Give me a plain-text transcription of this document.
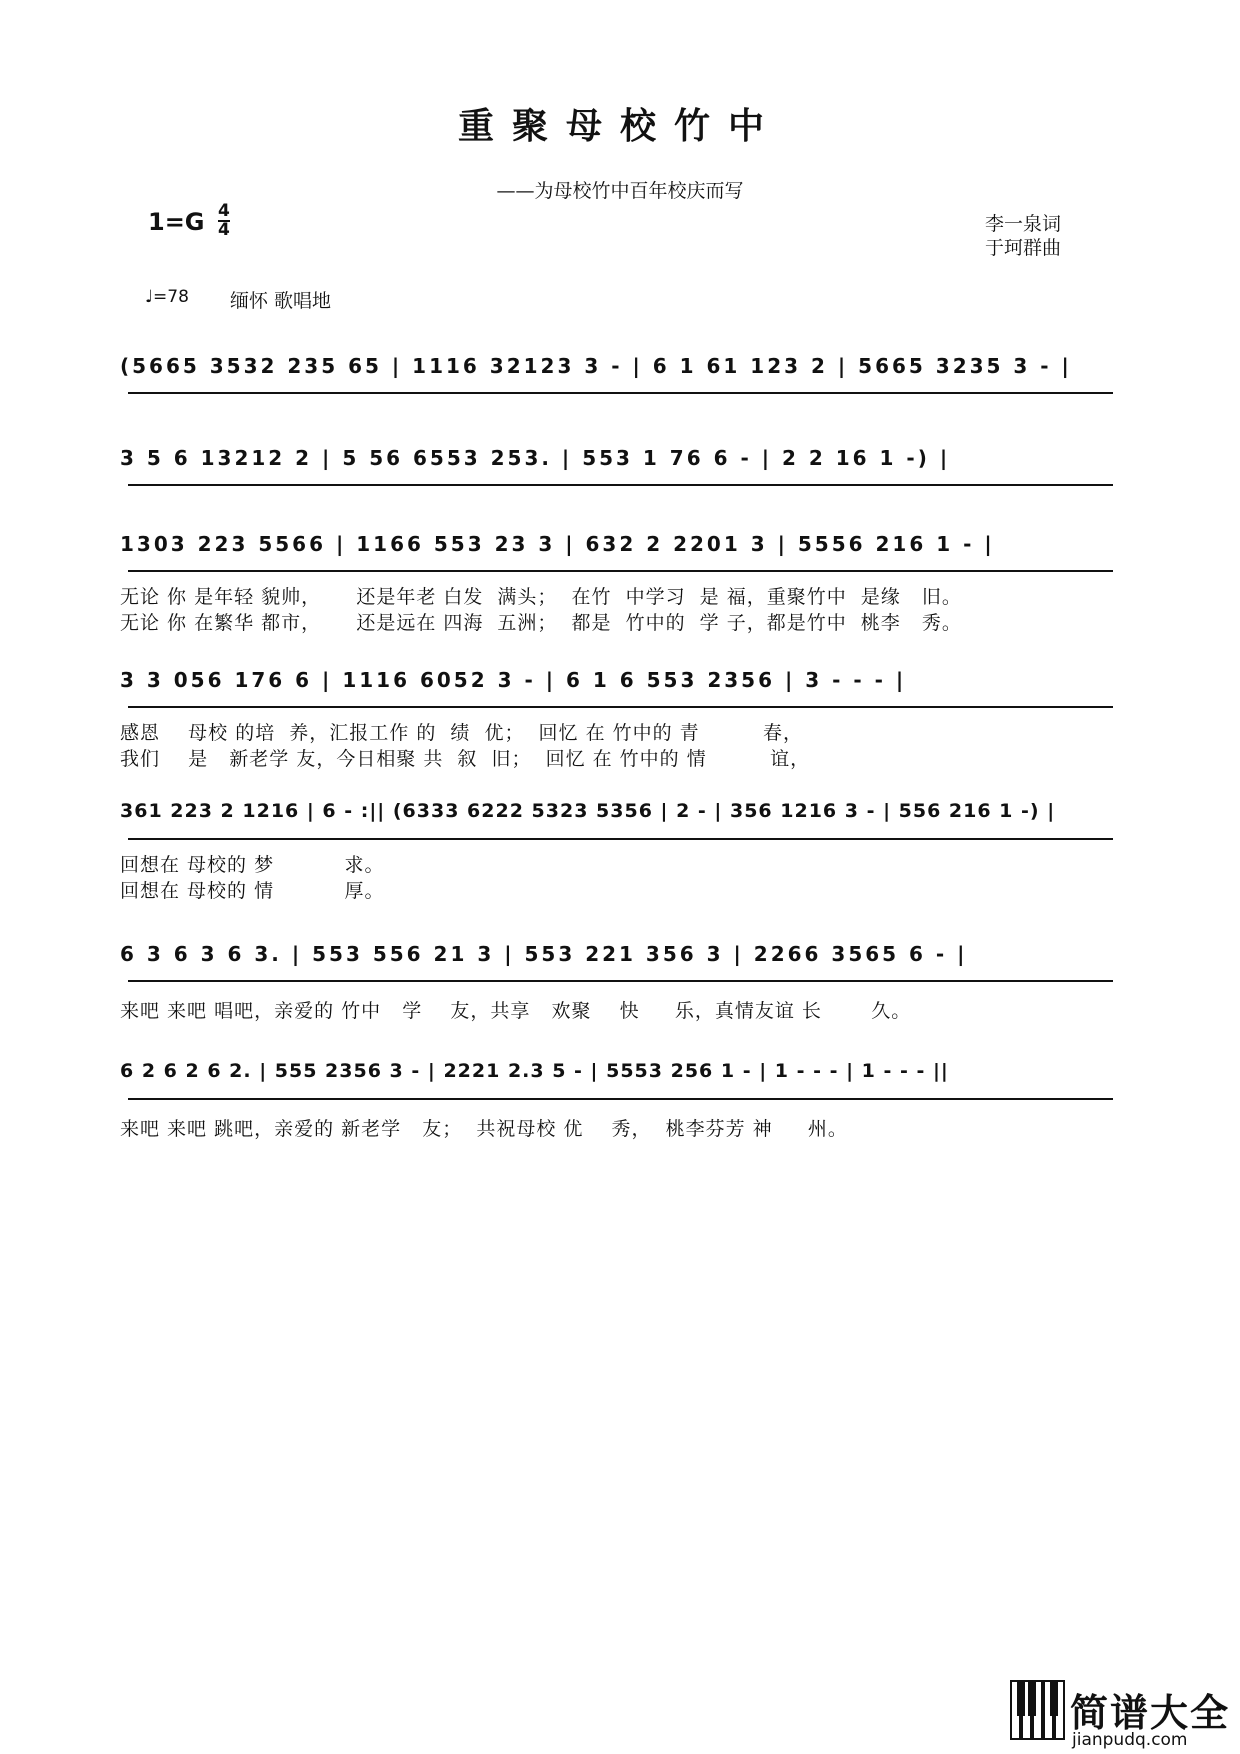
重聚母校竹中
——为母校竹中百年校庆而写
1=G 4
4	李一泉词
于珂群曲
♩=78 缅怀 歌唱地
(5665 3532 235 65 | 1116 32123 3 - | 6 1 61 123 2 | 5665 3235 3 - |
3 5 6 13212 2 | 5 56 6553 253. | 553 1 76 6 - | 2 2 16 1 -) |
1303 223 5566 | 1166 553 23 3 | 632 2 2201 3 | 5556 216 1 - |
无论 你 是年轻 貌帅，     还是年老 白发  满头；  在竹  中学习  是 福，重聚竹中  是缘   旧。
无论 你 在繁华 都市，     还是远在 四海  五洲；  都是  竹中的  学 子，都是竹中  桃李   秀。
3 3 056 176 6 | 1116 6052 3 - | 6 1 6 553 2356 | 3 - - - |
感恩    母校 的培  养，汇报工作 的  绩  优；  回忆 在 竹中的 青         春，
我们    是   新老学 友，今日相聚 共  叙  旧；  回忆 在 竹中的 情         谊，
361 223 2 1216 | 6 - :|| (6333 6222 5323 5356 | 2 - | 356 1216 3 - | 556 216 1 -) |
回想在 母校的 梦          求。
回想在 母校的 情          厚。
6 3 6 3 6 3. | 553 556 21 3 | 553 221 356 3 | 2266 3565 6 - |
来吧 来吧 唱吧，亲爱的 竹中   学    友，共享   欢聚    快     乐，真情友谊 长       久。
6 2 6 2 6 2. | 555 2356 3 - | 2221 2.3 5 - | 5553 256 1 - | 1 - - - | 1 - - - ||
来吧 来吧 跳吧，亲爱的 新老学   友；  共祝母校 优    秀，  桃李芬芳 神     州。
简谱大全
jianpudq.com
